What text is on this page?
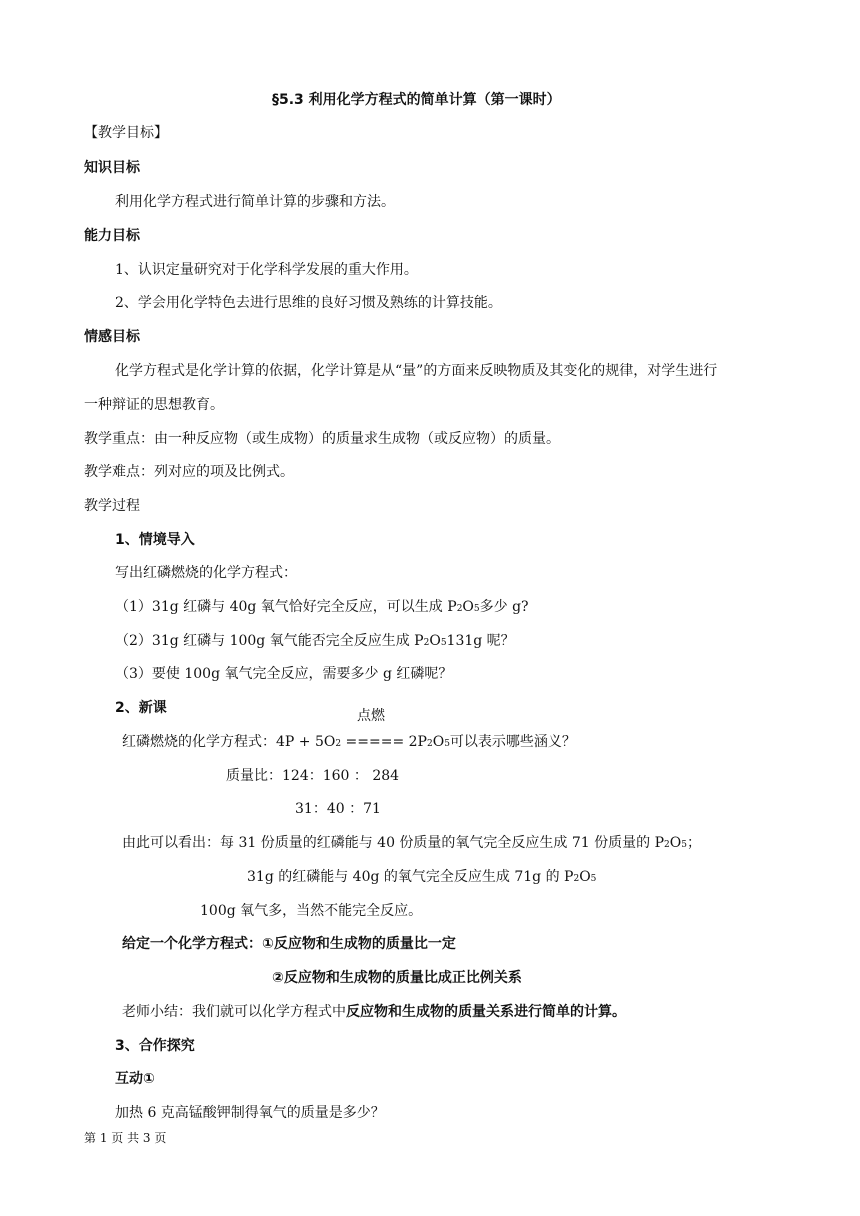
§5.3 利用化学方程式的简单计算（第一课时）
【教学目标】
知识目标
利用化学方程式进行简单计算的步骤和方法。
能力目标
1、认识定量研究对于化学科学发展的重大作用。
2、学会用化学特色去进行思维的良好习惯及熟练的计算技能。
情感目标
化学方程式是化学计算的依据，化学计算是从“量”的方面来反映物质及其变化的规律，对学生进行
一种辩证的思想教育。
教学重点：由一种反应物（或生成物）的质量求生成物（或反应物）的质量。
教学难点：列对应的项及比例式。
教学过程
1、情境导入
写出红磷燃烧的化学方程式：
（1）31g 红磷与 40g 氧气恰好完全反应，可以生成 P2O5多少 g?
（2）31g 红磷与 100g 氧气能否完全反应生成 P2O5131g 呢？
（3）要使 100g 氧气完全反应，需要多少 g 红磷呢？
2、新课	点燃
红磷燃烧的化学方程式：4P + 5O2 ===== 2P2O5可以表示哪些涵义？
质量比：124：160 ： 284
31：40 ：71
由此可以看出：每 31 份质量的红磷能与 40 份质量的氧气完全反应生成 71 份质量的 P2O5；
31g 的红磷能与 40g 的氧气完全反应生成 71g 的 P2O5
100g 氧气多，当然不能完全反应。
给定一个化学方程式：①反应物和生成物的质量比一定
②反应物和生成物的质量比成正比例关系
老师小结：我们就可以化学方程式中反应物和生成物的质量关系进行简单的计算。
3、合作探究
互动①
加热 6 克高锰酸钾制得氧气的质量是多少？
第 1 页 共 3 页
